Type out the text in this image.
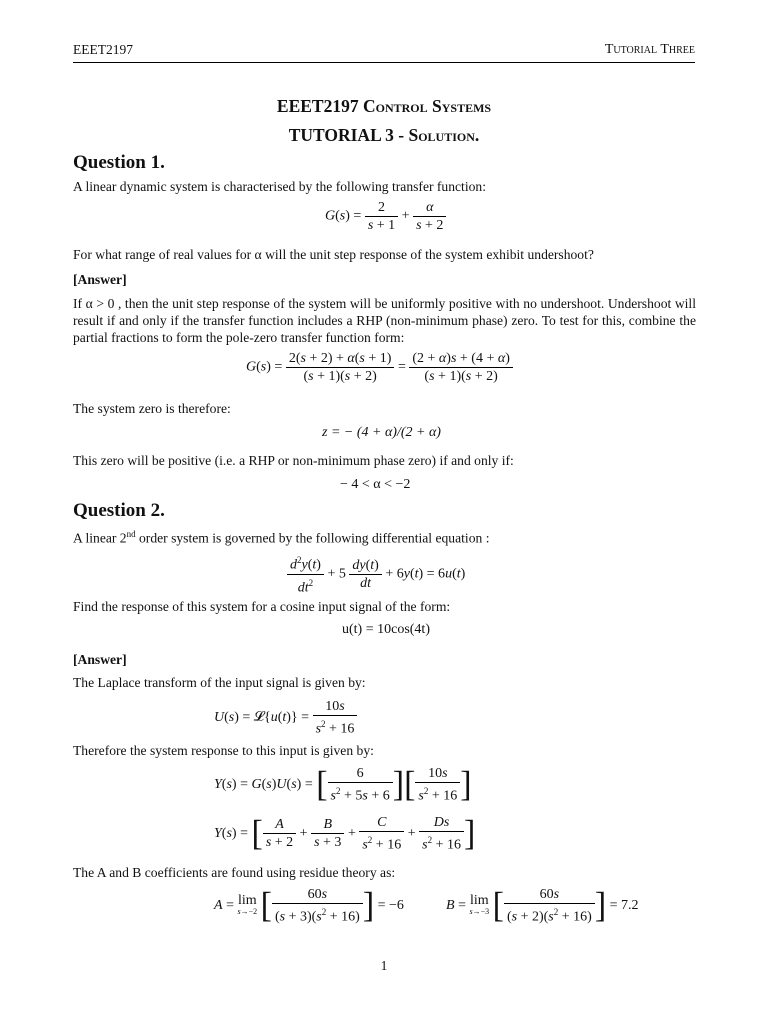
EEET2197	Tutorial Three
EEET2197 Control Systems
TUTORIAL 3 - Solution.
Question 1.
A linear dynamic system is characterised by the following transfer function:
$G(s) = \frac{2}{s + 1} + \frac{\alpha}{s + 2}$
For what range of real values for α will the unit step response of the system exhibit undershoot?
[Answer]
If α > 0 , then the unit step response of the system will be uniformly positive with no undershoot. Undershoot will result if and only if the transfer function includes a RHP (non-minimum phase) zero. To test for this, combine the partial fractions to form the pole-zero transfer function form:
$G(s) = \frac{2(s + 2) + \alpha(s + 1)}{(s + 1)(s + 2)} = \frac{(2 + \alpha)s + (4 + \alpha)}{(s + 1)(s + 2)}$
The system zero is therefore:
z = − (4 + α)/(2 + α)
This zero will be positive (i.e. a RHP or non-minimum phase zero) if and only if:
− 4 < α < −2
Question 2.
A linear 2nd order system is governed by the following differential equation :
$\frac{d^2y(t)}{dt^2} + 5 \frac{dy(t)}{dt} + 6y(t) = 6u(t)$
Find the response of this system for a cosine input signal of the form:
u(t) = 10cos(4t)
[Answer]
The Laplace transform of the input signal is given by:
U(s) = 𝓛{u(t)} = $\frac{10s}{s^2 + 16}$
Therefore the system response to this input is given by:
Y(s) = G(s)U(s) = [ $\frac{6}{s^2 + 5s + 6}$ ][ $\frac{10s}{s^2 + 16}$ ]
Y(s) = [ $\frac{A}{s + 2} + \frac{B}{s + 3} + \frac{C}{s^2 + 16} + \frac{Ds}{s^2 + 16}$ ]
The A and B coefficients are found using residue theory as:
A = lim
s→−2 [ $\frac{60s}{(s + 3)(s^2 + 16)}$ ] = −6	B = lim
s→−3 [ $\frac{60s}{(s + 2)(s^2 + 16)}$ ] = 7.2
1
